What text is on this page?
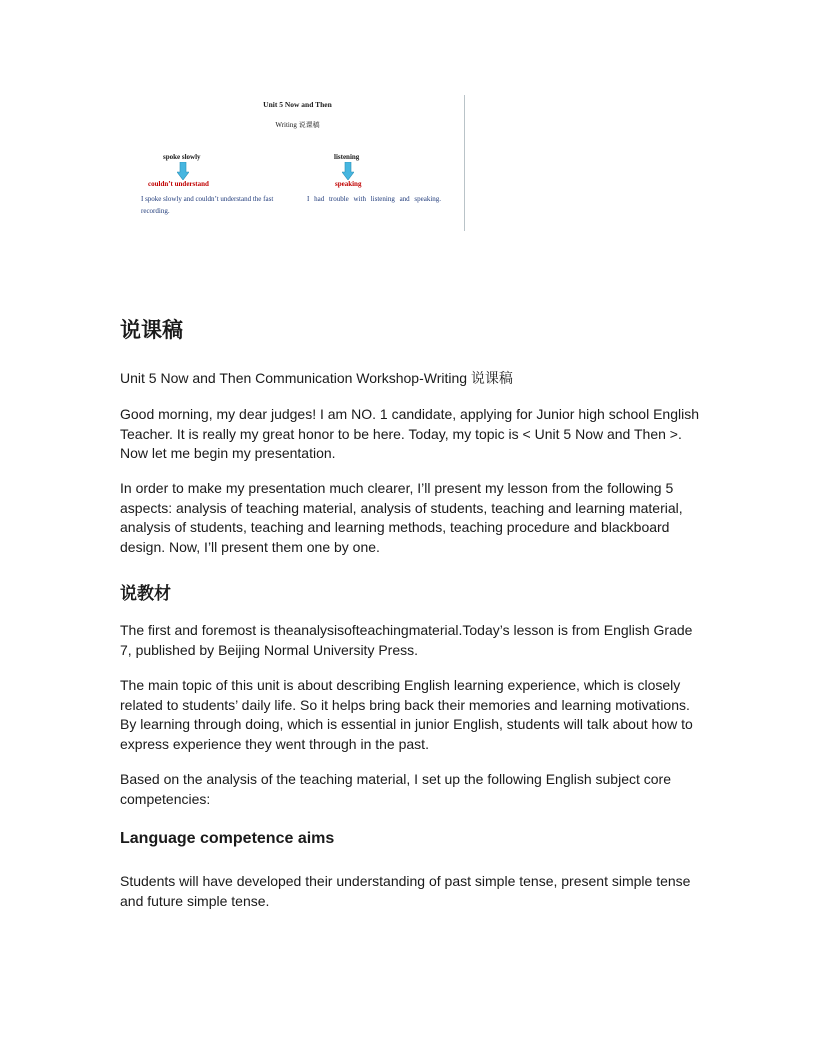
Unit 5 Now and Then
Writing 说课稿
spoke slowly
couldn’t understand
I spoke slowly and couldn’t understand the fast recording.
listening
speaking
I had trouble with listening and speaking.
说课稿

Unit 5 Now and Then Communication Workshop-Writing 说课稿

Good morning, my dear judges! I am NO. 1 candidate, applying for Junior high school English Teacher. It is really my great honor to be here. Today, my topic is < Unit 5 Now and Then >. Now let me begin my presentation.

In order to make my presentation much clearer, I’ll present my lesson from the following 5 aspects: analysis of teaching material, analysis of students, teaching and learning material, analysis of students, teaching and learning methods, teaching procedure and blackboard design. Now, I’ll present them one by one.

说教材

The first and foremost is theanalysisofteachingmaterial.Today’s lesson is from English Grade 7, published by Beijing Normal University Press.

The main topic of this unit is about describing English learning experience, which is closely related to students’ daily life. So it helps bring back their memories and learning motivations. By learning through doing, which is essential in junior English, students will talk about how to express experience they went through in the past.

Based on the analysis of the teaching material, I set up the following English subject core competencies:

Language competence aims

Students will have developed their understanding of past simple tense, present simple tense and future simple tense.
